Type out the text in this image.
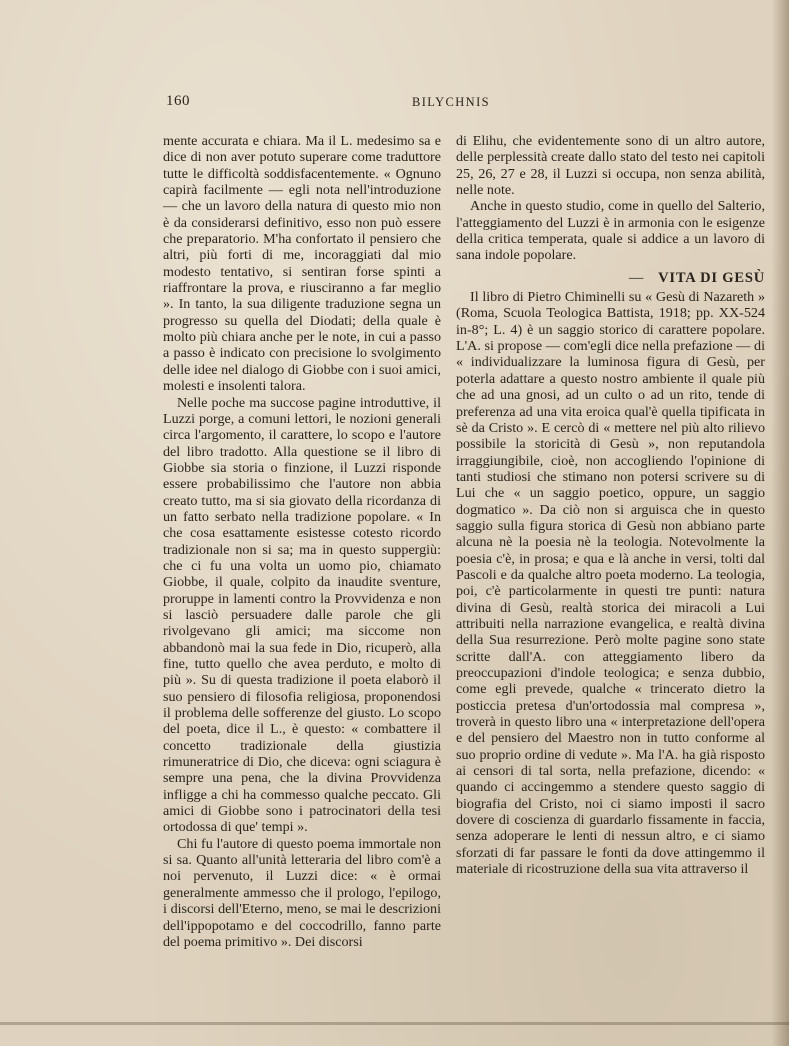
160	BILYCHNIS

mente accurata e chiara. Ma il L. medesimo sa e dice di non aver potuto superare come traduttore tutte le difficoltà soddisfacentemente. « Ognuno capirà facilmente — egli nota nell'introduzione — che un lavoro della natura di questo mio non è da considerarsi definitivo, esso non può essere che preparatorio. M'ha confortato il pensiero che altri, più forti di me, incoraggiati dal mio modesto tentativo, si sentiran forse spinti a riaffrontare la prova, e riusciranno a far meglio ». In tanto, la sua diligente traduzione segna un progresso su quella del Diodati; della quale è molto più chiara anche per le note, in cui a passo a passo è indicato con precisione lo svolgimento delle idee nel dialogo di Giobbe con i suoi amici, molesti e insolenti talora.

Nelle poche ma succose pagine introduttive, il Luzzi porge, a comuni lettori, le nozioni generali circa l'argomento, il carattere, lo scopo e l'autore del libro tradotto. Alla questione se il libro di Giobbe sia storia o finzione, il Luzzi risponde essere probabilissimo che l'autore non abbia creato tutto, ma si sia giovato della ricordanza di un fatto serbato nella tradizione popolare. « In che cosa esattamente esistesse cotesto ricordo tradizionale non si sa; ma in questo suppergiù: che ci fu una volta un uomo pio, chiamato Giobbe, il quale, colpito da inaudite sventure, proruppe in lamenti contro la Provvidenza e non si lasciò persuadere dalle parole che gli rivolgevano gli amici; ma siccome non abbandonò mai la sua fede in Dio, ricuperò, alla fine, tutto quello che avea perduto, e molto di più ». Su di questa tradizione il poeta elaborò il suo pensiero di filosofia religiosa, proponendosi il problema delle sofferenze del giusto. Lo scopo del poeta, dice il L., è questo: « combattere il concetto tradizionale della giustizia rimuneratrice di Dio, che diceva: ogni sciagura è sempre una pena, che la divina Provvidenza infligge a chi ha commesso qualche peccato. Gli amici di Giobbe sono i patrocinatori della tesi ortodossa di que' tempi ».

Chi fu l'autore di questo poema immortale non si sa. Quanto all'unità letteraria del libro com'è a noi pervenuto, il Luzzi dice: « è ormai generalmente ammesso che il prologo, l'epilogo, i discorsi dell'Eterno, meno, se mai le descrizioni dell'ippopotamo e del coccodrillo, fanno parte del poema primitivo ». Dei discorsi

di Elihu, che evidentemente sono di un altro autore, delle perplessità create dallo stato del testo nei capitoli 25, 26, 27 e 28, il Luzzi si occupa, non senza abilità, nelle note.

Anche in questo studio, come in quello del Salterio, l'atteggiamento del Luzzi è in armonia con le esigenze della critica temperata, quale si addice a un lavoro di sana indole popolare.

— VITA DI GESÙ

Il libro di Pietro Chiminelli su « Gesù di Nazareth » (Roma, Scuola Teologica Battista, 1918; pp. XX-524 in-8°; L. 4) è un saggio storico di carattere popolare. L'A. si propose — com'egli dice nella prefazione — di « individualizzare la luminosa figura di Gesù, per poterla adattare a questo nostro ambiente il quale più che ad una gnosi, ad un culto o ad un rito, tende di preferenza ad una vita eroica qual'è quella tipificata in sè da Cristo ». E cercò di « mettere nel più alto rilievo possibile la storicità di Gesù », non reputandola irraggiungibile, cioè, non accogliendo l'opinione di tanti studiosi che stimano non potersi scrivere su di Lui che « un saggio poetico, oppure, un saggio dogmatico ». Da ciò non si arguisca che in questo saggio sulla figura storica di Gesù non abbiano parte alcuna nè la poesia nè la teologia. Notevolmente la poesia c'è, in prosa; e qua e là anche in versi, tolti dal Pascoli e da qualche altro poeta moderno. La teologia, poi, c'è particolarmente in questi tre punti: natura divina di Gesù, realtà storica dei miracoli a Lui attribuiti nella narrazione evangelica, e realtà divina della Sua resurrezione. Però molte pagine sono state scritte dall'A. con atteggiamento libero da preoccupazioni d'indole teologica; e senza dubbio, come egli prevede, qualche « trincerato dietro la posticcia pretesa d'un'ortodossia mal compresa », troverà in questo libro una « interpretazione dell'opera e del pensiero del Maestro non in tutto conforme al suo proprio ordine di vedute ». Ma l'A. ha già risposto ai censori di tal sorta, nella prefazione, dicendo: « quando ci accingemmo a stendere questo saggio di biografia del Cristo, noi ci siamo imposti il sacro dovere di coscienza di guardarlo fissamente in faccia, senza adoperare le lenti di nessun altro, e ci siamo sforzati di far passare le fonti da dove attingemmo il materiale di ricostruzione della sua vita attraverso il
